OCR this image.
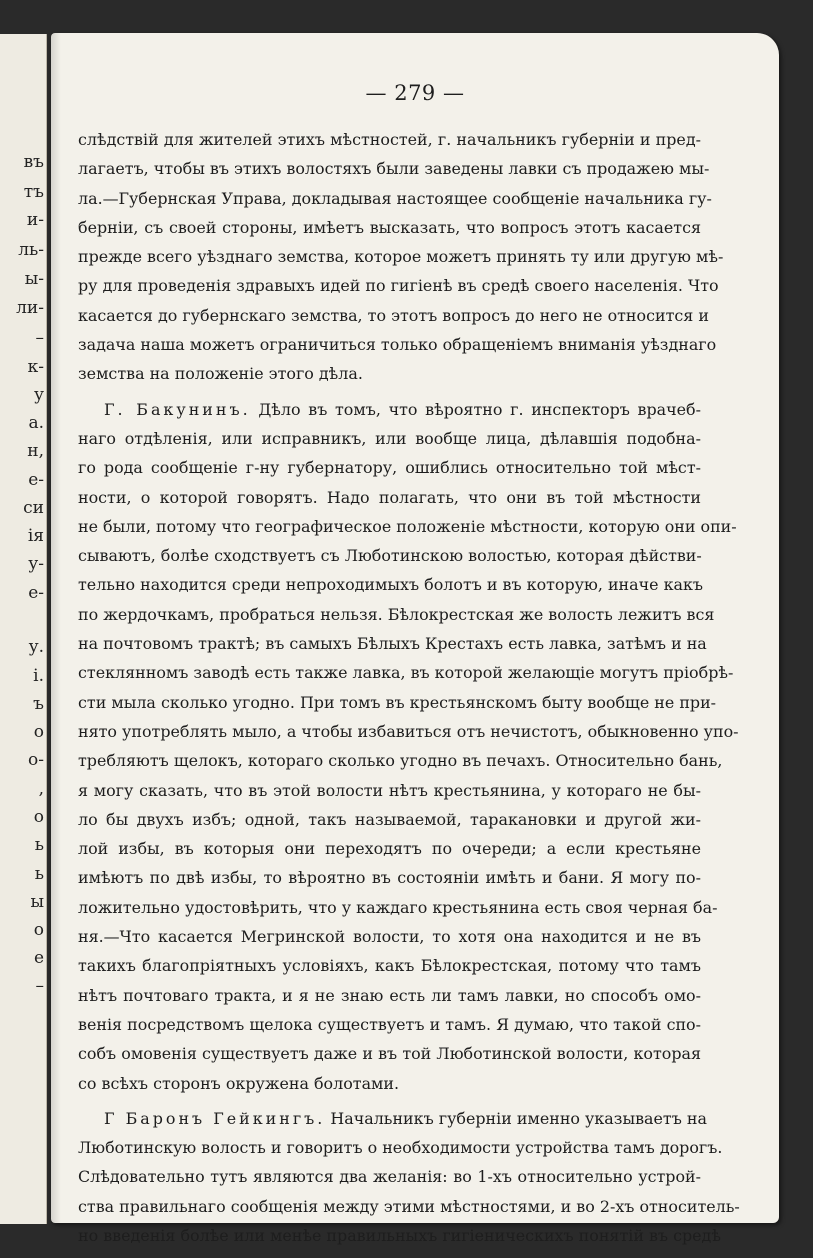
въ
тъ
и-
ль-
ы-
ли-
–
к-
у
а.
н,
е-
си
ія
у-
е-
у.
і.
ъ
о
о-
,
о
ь
ь
ы
о
е
–
— 279 —
слѣдствій для жителей этихъ мѣстностей, г. начальникъ губерніи и пред-
лагаетъ, чтобы въ этихъ волостяхъ были заведены лавки съ продажею мы-
ла.—Губернская Управа, докладывая настоящее сообщеніе начальника гу-
берніи, съ своей стороны, имѣетъ высказать, что вопросъ этотъ касается
прежде всего уѣзднаго земства, которое можетъ принять ту или другую мѣ-
ру для проведенія здравыхъ идей по гигіенѣ въ средѣ своего населенія. Что
касается до губернскаго земства, то этотъ вопросъ до него не относится и
задача наша можетъ ограничиться только обращеніемъ вниманія уѣзднаго
земства на положеніе этого дѣла.
Г. Бакунинъ. Дѣло въ томъ, что вѣроятно г. инспекторъ врачеб-
наго отдѣленія, или исправникъ, или вообще лица, дѣлавшія подобна-
го рода сообщеніе г-ну губернатору, ошиблись относительно той мѣст-
ности, о которой говорятъ. Надо полагать, что они въ той мѣстности
не были, потому что географическое положеніе мѣстности, которую они опи-
сываютъ, болѣе сходствуетъ съ Люботинскою волостью, которая дѣйстви-
тельно находится среди непроходимыхъ болотъ и въ которую, иначе какъ
по жердочкамъ, пробраться нельзя. Бѣлокрестская же волость лежитъ вся
на почтовомъ трактѣ; въ самыхъ Бѣлыхъ Крестахъ есть лавка, затѣмъ и на
стеклянномъ заводѣ есть также лавка, въ которой желающіе могутъ пріобрѣ-
сти мыла сколько угодно. При томъ въ крестьянскомъ быту вообще не при-
нято употреблять мыло, а чтобы избавиться отъ нечистотъ, обыкновенно упо-
требляютъ щелокъ, котораго сколько угодно въ печахъ. Относительно бань,
я могу сказать, что въ этой волости нѣтъ крестьянина, у котораго не бы-
ло бы двухъ избъ; одной, такъ называемой, таракановки и другой жи-
лой избы, въ которыя они переходятъ по очереди; а если крестьяне
имѣютъ по двѣ избы, то вѣроятно въ состояніи имѣть и бани. Я могу по-
ложительно удостовѣрить, что у каждаго крестьянина есть своя черная ба-
ня.—Что касается Мегринской волости, то хотя она находится и не въ
такихъ благопріятныхъ условіяхъ, какъ Бѣлокрестская, потому что тамъ
нѣтъ почтоваго тракта, и я не знаю есть ли тамъ лавки, но способъ омо-
венія посредствомъ щелока существуетъ и тамъ. Я думаю, что такой спо-
собъ омовенія существуетъ даже и въ той Люботинской волости, которая
со всѣхъ сторонъ окружена болотами.
Г Баронъ Гейкингъ. Начальникъ губерніи именно указываетъ на
Люботинскую волость и говоритъ о необходимости устройства тамъ дорогъ.
Слѣдовательно тутъ являются два желанія: во 1-хъ относительно устрой-
ства правильнаго сообщенія между этими мѣстностями, и во 2-хъ относитель-
но введенія болѣе или менѣе правильныхъ гигіеническихъ понятій въ средѣ
